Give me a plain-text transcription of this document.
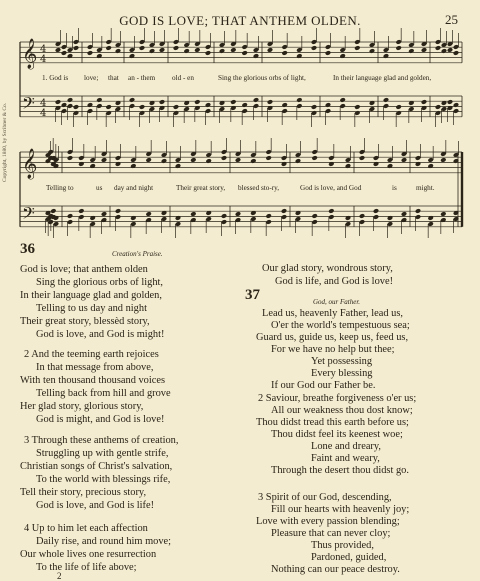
GOD IS LOVE; THAT ANTHEM OLDEN.	25
Copyright, 1880, by Scribner & Co.
𝄞
𝄢
𝄞
𝄢
4
4
4
4
1. God is love; that an - them old - en	Sing the glorious orbs of light,	In their language glad and golden,
Telling to	us day and night	Their great story, blessed sto-ry,	God is love, and God	is	might.
36	Creation's Praise.
God is love; that anthem olden
Sing the glorious orbs of light,
In their language glad and golden,
Telling to us day and night
Their great story, blessèd story,
God is love, and God is might!
2 And the teeming earth rejoices
In that message from above,
With ten thousand thousand voices
Telling back from hill and grove
Her glad story, glorious story,
God is might, and God is love!
3 Through these anthems of creation,
Struggling up with gentle strife,
Christian songs of Christ's salvation,
To the world with blessings rife,
Tell their story, precious story,
God is love, and God is life!
4 Up to him let each affection
Daily rise, and round him move;
Our whole lives one resurrection
To the life of life above;
2
Our glad story, wondrous story,
God is life, and God is love!
37	God, our Father.
Lead us, heavenly Father, lead us,
O'er the world's tempestuous sea;
Guard us, guide us, keep us, feed us,
For we have no help but thee;
Yet possessing
Every blessing
If our God our Father be.
2 Saviour, breathe forgiveness o'er us;
All our weakness thou dost know;
Thou didst tread this earth before us;
Thou didst feel its keenest woe;
Lone and dreary,
Faint and weary,
Through the desert thou didst go.
3 Spirit of our God, descending,
Fill our hearts with heavenly joy;
Love with every passion blending;
Pleasure that can never cloy;
Thus provided,
Pardoned, guided,
Nothing can our peace destroy.
